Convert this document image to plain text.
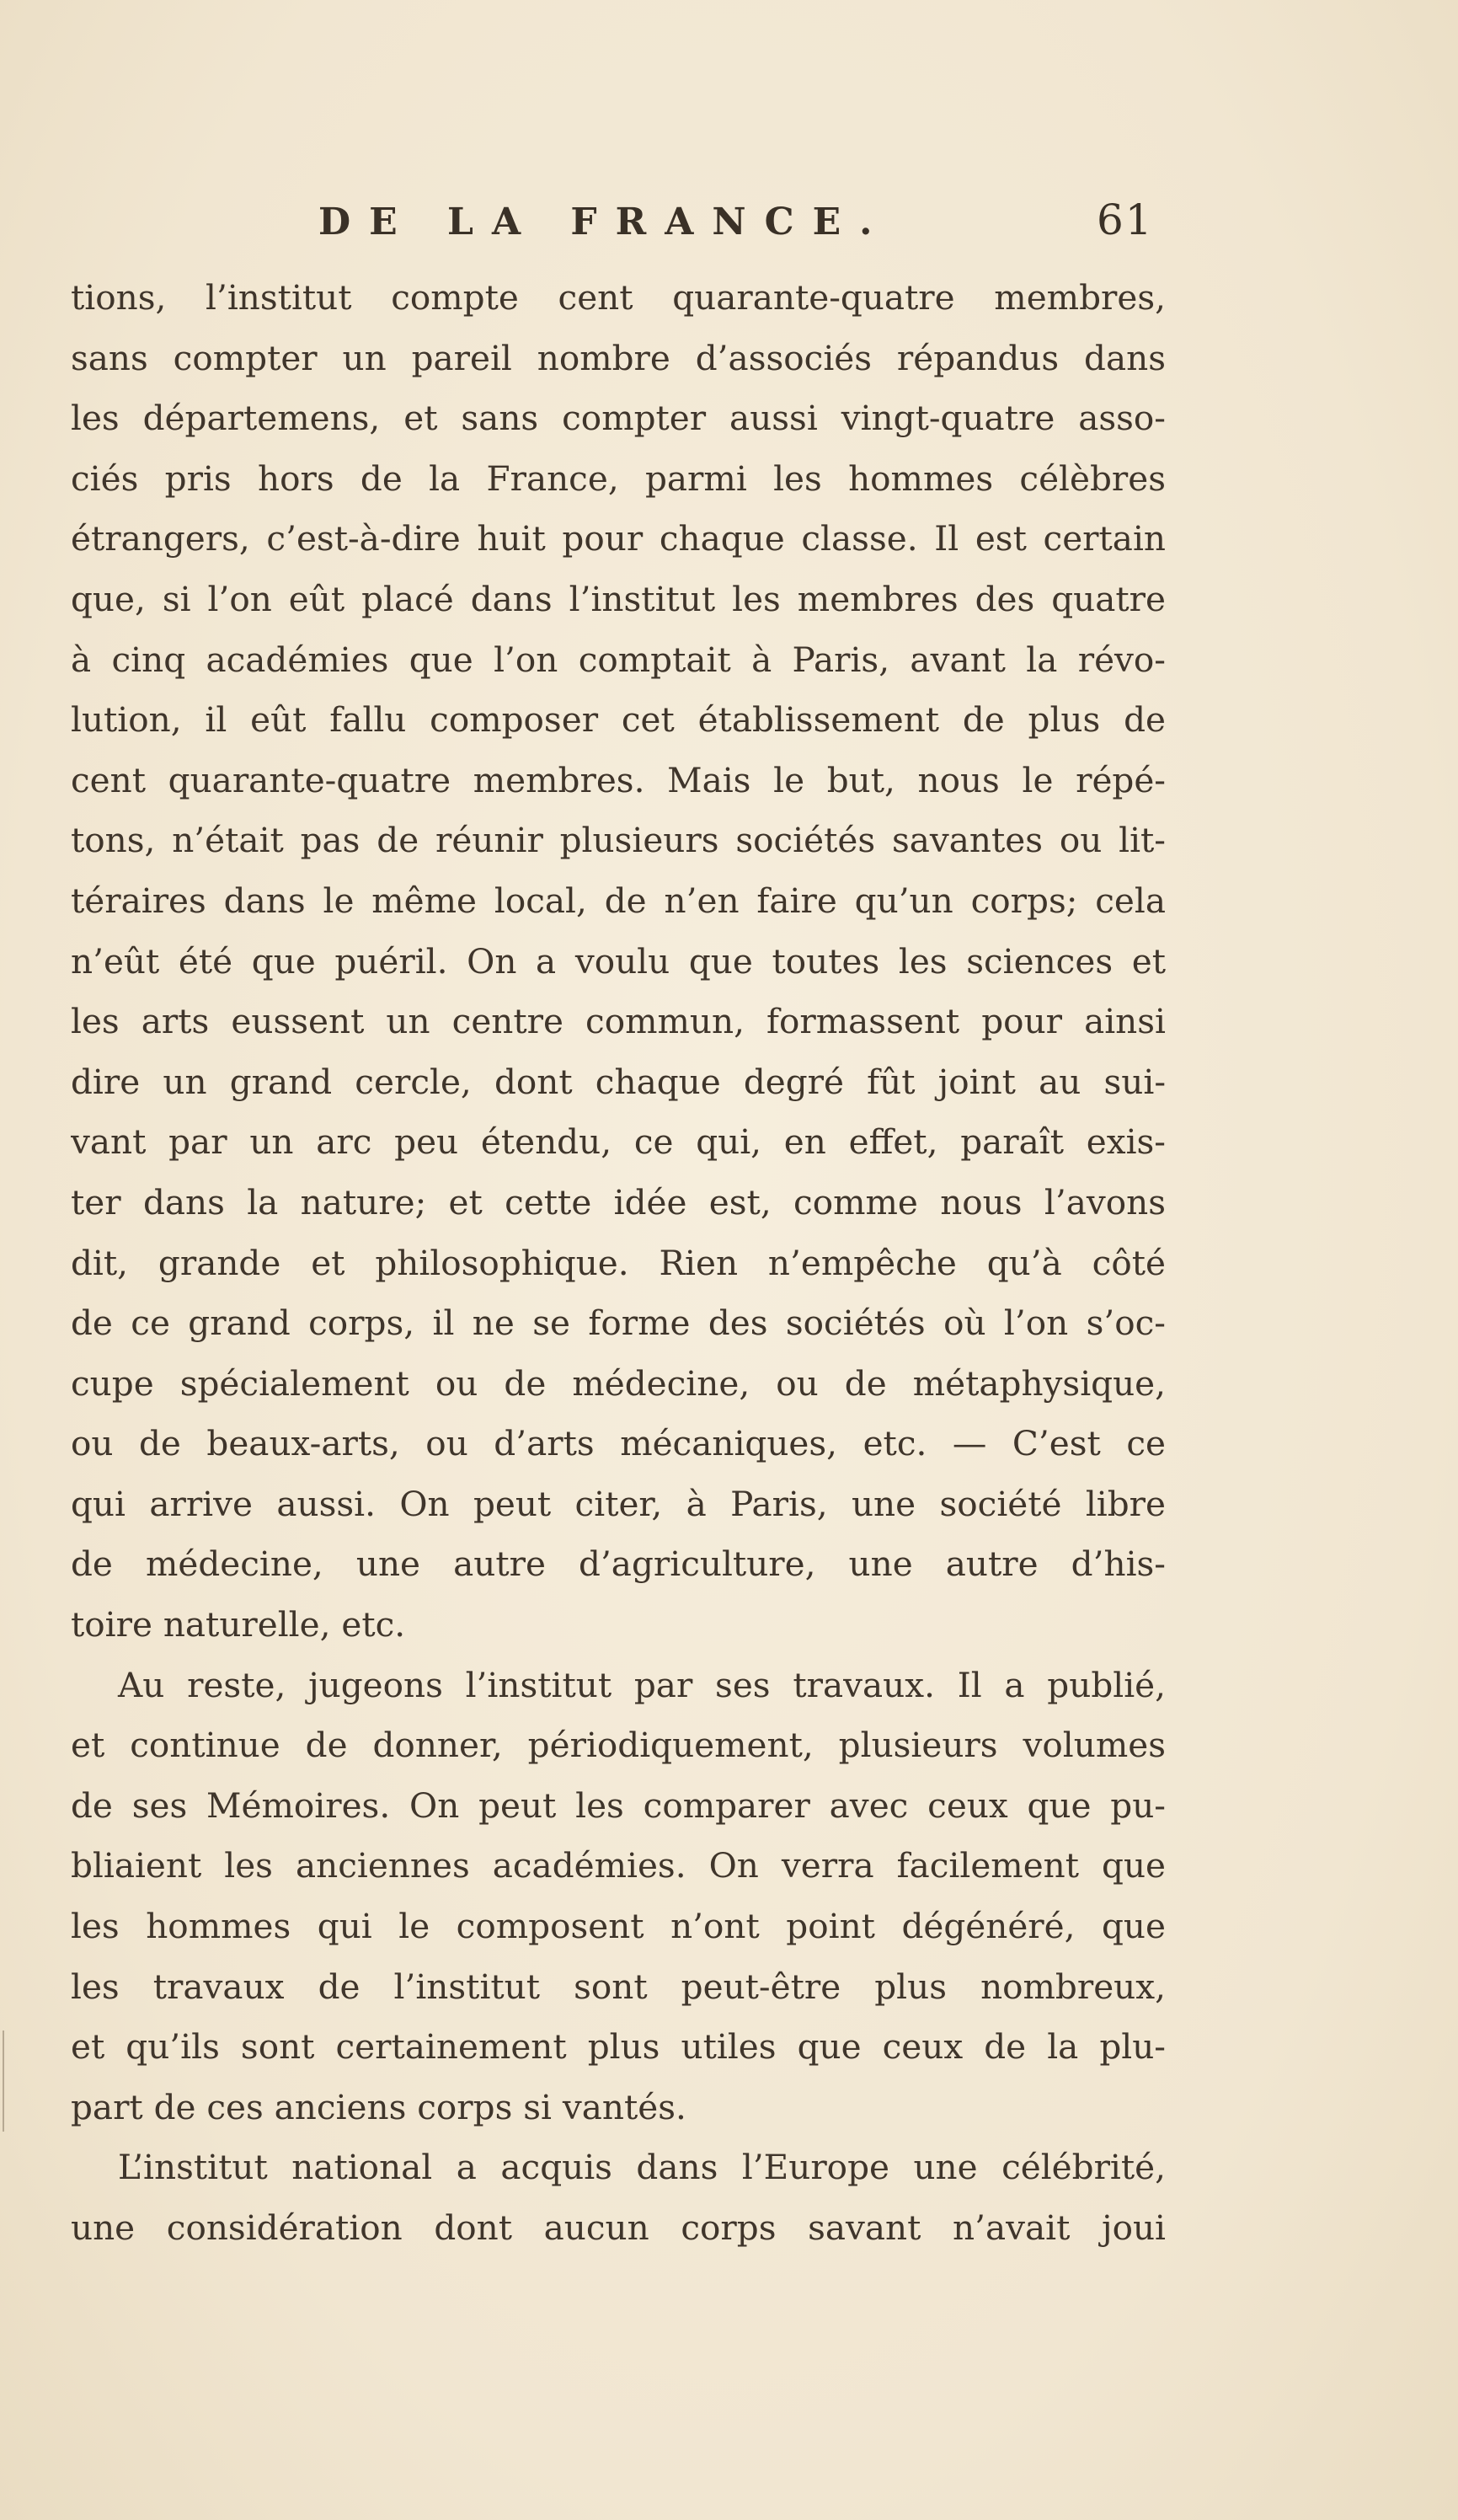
DE LA FRANCE.	61
tions, l’institut compte cent quarante-quatre membres,
sans compter un pareil nombre d’associés répandus dans
les départemens, et sans compter aussi vingt-quatre asso-
ciés pris hors de la France, parmi les hommes célèbres
étrangers, c’est-à-dire huit pour chaque classe. Il est certain
que, si l’on eût placé dans l’institut les membres des quatre
à cinq académies que l’on comptait à Paris, avant la révo-
lution, il eût fallu composer cet établissement de plus de
cent quarante-quatre membres. Mais le but, nous le répé-
tons, n’était pas de réunir plusieurs sociétés savantes ou lit-
téraires dans le même local, de n’en faire qu’un corps; cela
n’eût été que puéril. On a voulu que toutes les sciences et
les arts eussent un centre commun, formassent pour ainsi
dire un grand cercle, dont chaque degré fût joint au sui-
vant par un arc peu étendu, ce qui, en effet, paraît exis-
ter dans la nature; et cette idée est, comme nous l’avons
dit, grande et philosophique. Rien n’empêche qu’à côté
de ce grand corps, il ne se forme des sociétés où l’on s’oc-
cupe spécialement ou de médecine, ou de métaphysique,
ou de beaux-arts, ou d’arts mécaniques, etc. — C’est ce
qui arrive aussi. On peut citer, à Paris, une société libre
de médecine, une autre d’agriculture, une autre d’his-
toire naturelle, etc.
Au reste, jugeons l’institut par ses travaux. Il a publié,
et continue de donner, périodiquement, plusieurs volumes
de ses Mémoires. On peut les comparer avec ceux que pu-
bliaient les anciennes académies. On verra facilement que
les hommes qui le composent n’ont point dégénéré, que
les travaux de l’institut sont peut-être plus nombreux,
et qu’ils sont certainement plus utiles que ceux de la plu-
part de ces anciens corps si vantés.
L’institut national a acquis dans l’Europe une célébrité,
une considération dont aucun corps savant n’avait joui
